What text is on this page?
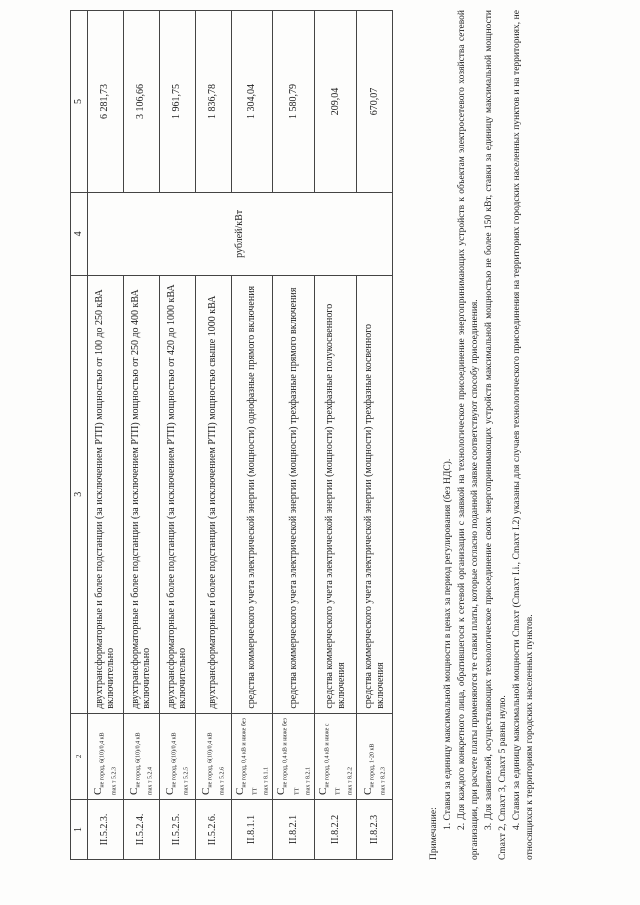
1	2	3	4	5
II.5.2.3.	Cне город, 6(10)/0,4 кВ max т 5.2.3	двухтрансформаторные и более подстанции (за исключением РТП) мощностью от 100 до 250 кВА включительно	рублей/кВт	6 281,73
II.5.2.4.	Cне город, 6(10)/0,4 кВ max т 5.2.4	двухтрансформаторные и более подстанции (за исключением РТП) мощностью от 250 до 400 кВА включительно		3 106,66
II.5.2.5.	Cне город, 6(10)/0,4 кВ max т 5.2.5	двухтрансформаторные и более подстанции (за исключением РТП) мощностью от 420 до 1000 кВА включительно		1 961,75
II.5.2.6.	Cне город, 6(10)/0,4 кВ max т 5.2.6	двухтрансформаторные и более подстанции (за исключением РТП) мощностью свыше 1000 кВА		1 836,78
II.8.1.1	Cне город, 0,4 кВ и ниже без ТТ max т 8.1.1	средства коммерческого учета электрической энергии (мощности) однофазные прямого включения		1 304,04
II.8.2.1	Cне город, 0,4 кВ и ниже без ТТ max т 8.2.1	средства коммерческого учета электрической энергии (мощности) трехфазные прямого включения		1 580,79
II.8.2.2	Cне город, 0,4 кВ и ниже с ТТ max т 8.2.2	средства коммерческого учета электрической энергии (мощности) трехфазные полукосвенного включения		209,04
II.8.2.3	Cне город, 1-20 кВ max т 8.2.3	средства коммерческого учета электрической энергии (мощности) трехфазные косвенного включения		670,07

Примечание:

1. Ставки за единицу максимальной мощности в ценах за период регулирования (без НДС). 2. Для каждого конкретного лица, обратившегося к сетевой организации с заявкой на технологическое присоединение энергопринимающих устройств к объектам электросетевого хозяйства сетевой организации, при расчете платы применяются те ставки платы, которые согласно поданной заявке соответствуют способу присоединения. 3. Для заявителей, осуществляющих технологическое присоединение своих энергопринимающих устройств максимальной мощностью не более 150 кВт, ставки за единицу максимальной мощности Cmaxт 2, Cmaxт 3, Cmaxт 5 равны нулю. 4. Ставки за единицу максимальной мощности Cmaxт (Cmaxт I.i., Cmaxт I.2) указаны для случаев технологического присоединения на территориях городских населенных пунктов и на территориях, не относящихся к территориям городских населенных пунктов.
